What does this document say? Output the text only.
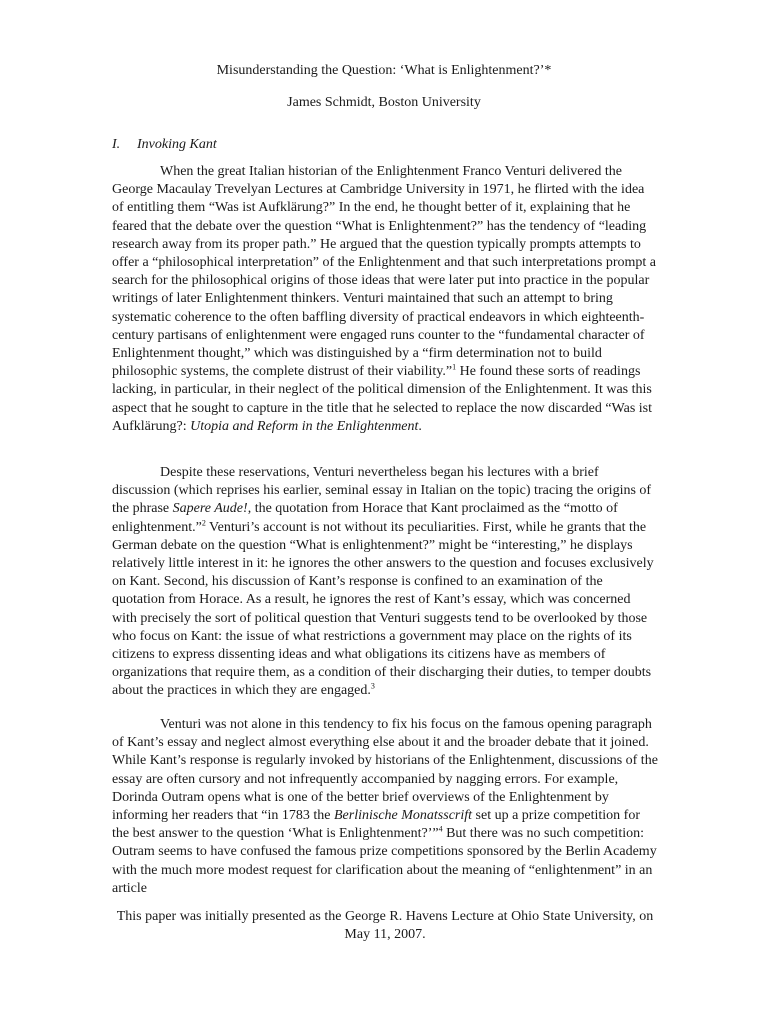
Misunderstanding the Question: ‘What is Enlightenment?’*
James Schmidt, Boston University
I. Invoking Kant

When the great Italian historian of the Enlightenment Franco Venturi delivered the George Macaulay Trevelyan Lectures at Cambridge University in 1971, he flirted with the idea of entitling them “Was ist Aufklärung?” In the end, he thought better of it, explaining that he feared that the debate over the question “What is Enlightenment?” has the tendency of “leading research away from its proper path.” He argued that the question typically prompts attempts to offer a “philosophical interpretation” of the Enlightenment and that such interpretations prompt a search for the philosophical origins of those ideas that were later put into practice in the popular writings of later Enlightenment thinkers. Venturi maintained that such an attempt to bring systematic coherence to the often baffling diversity of practical endeavors in which eighteenth-century partisans of enlightenment were engaged runs counter to the “fundamental character of Enlightenment thought,” which was distinguished by a “firm determination not to build philosophic systems, the complete distrust of their viability.”$^1$ He found these sorts of readings lacking, in particular, in their neglect of the political dimension of the Enlightenment. It was this aspect that he sought to capture in the title that he selected to replace the now discarded “Was ist Aufklärung?: Utopia and Reform in the Enlightenment.

Despite these reservations, Venturi nevertheless began his lectures with a brief discussion (which reprises his earlier, seminal essay in Italian on the topic) tracing the origins of the phrase Sapere Aude!, the quotation from Horace that Kant proclaimed as the “motto of enlightenment.”$^2$ Venturi’s account is not without its peculiarities. First, while he grants that the German debate on the question “What is enlightenment?” might be “interesting,” he displays relatively little interest in it: he ignores the other answers to the question and focuses exclusively on Kant. Second, his discussion of Kant’s response is confined to an examination of the quotation from Horace. As a result, he ignores the rest of Kant’s essay, which was concerned with precisely the sort of political question that Venturi suggests tend to be overlooked by those who focus on Kant: the issue of what restrictions a government may place on the rights of its citizens to express dissenting ideas and what obligations its citizens have as members of organizations that require them, as a condition of their discharging their duties, to temper doubts about the practices in which they are engaged.$^3$

Venturi was not alone in this tendency to fix his focus on the famous opening paragraph of Kant’s essay and neglect almost everything else about it and the broader debate that it joined. While Kant’s response is regularly invoked by historians of the Enlightenment, discussions of the essay are often cursory and not infrequently accompanied by nagging errors. For example, Dorinda Outram opens what is one of the better brief overviews of the Enlightenment by informing her readers that “in 1783 the Berlinische Monatsscrift set up a prize competition for the best answer to the question ‘What is Enlightenment?’”$^4$ But there was no such competition: Outram seems to have confused the famous prize competitions sponsored by the Berlin Academy with the much more modest request for clarification about the meaning of “enlightenment” in an article

This paper was initially presented as the George R. Havens Lecture at Ohio State University, on May 11, 2007.
